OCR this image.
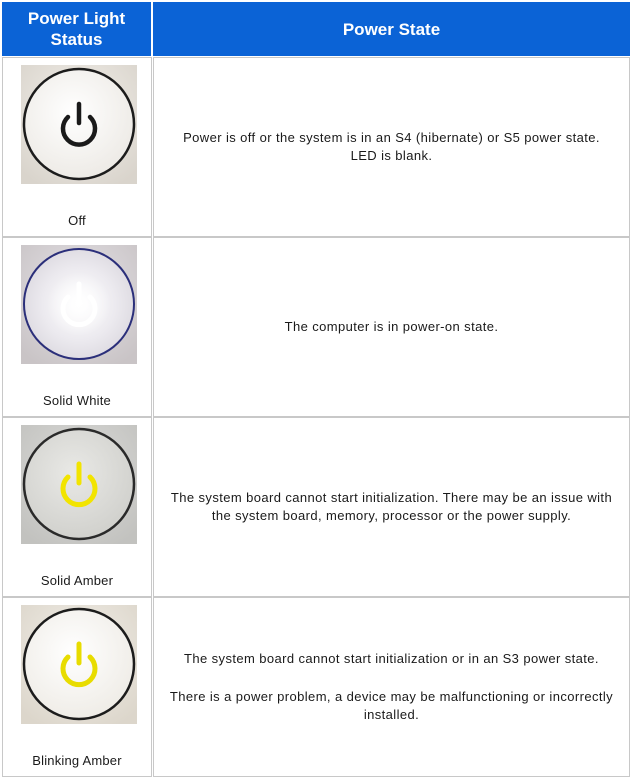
Power Light
Status
Power State
Off

Power is off or the system is in an S4 (hibernate) or S5 power state. LED is blank.

Solid White

The computer is in power-on state.

Solid Amber

The system board cannot start initialization. There may be an issue with the system board, memory, processor or the power supply.

Blinking Amber

The system board cannot start initialization or in an S3 power state.

There is a power problem, a device may be malfunctioning or incorrectly installed.
